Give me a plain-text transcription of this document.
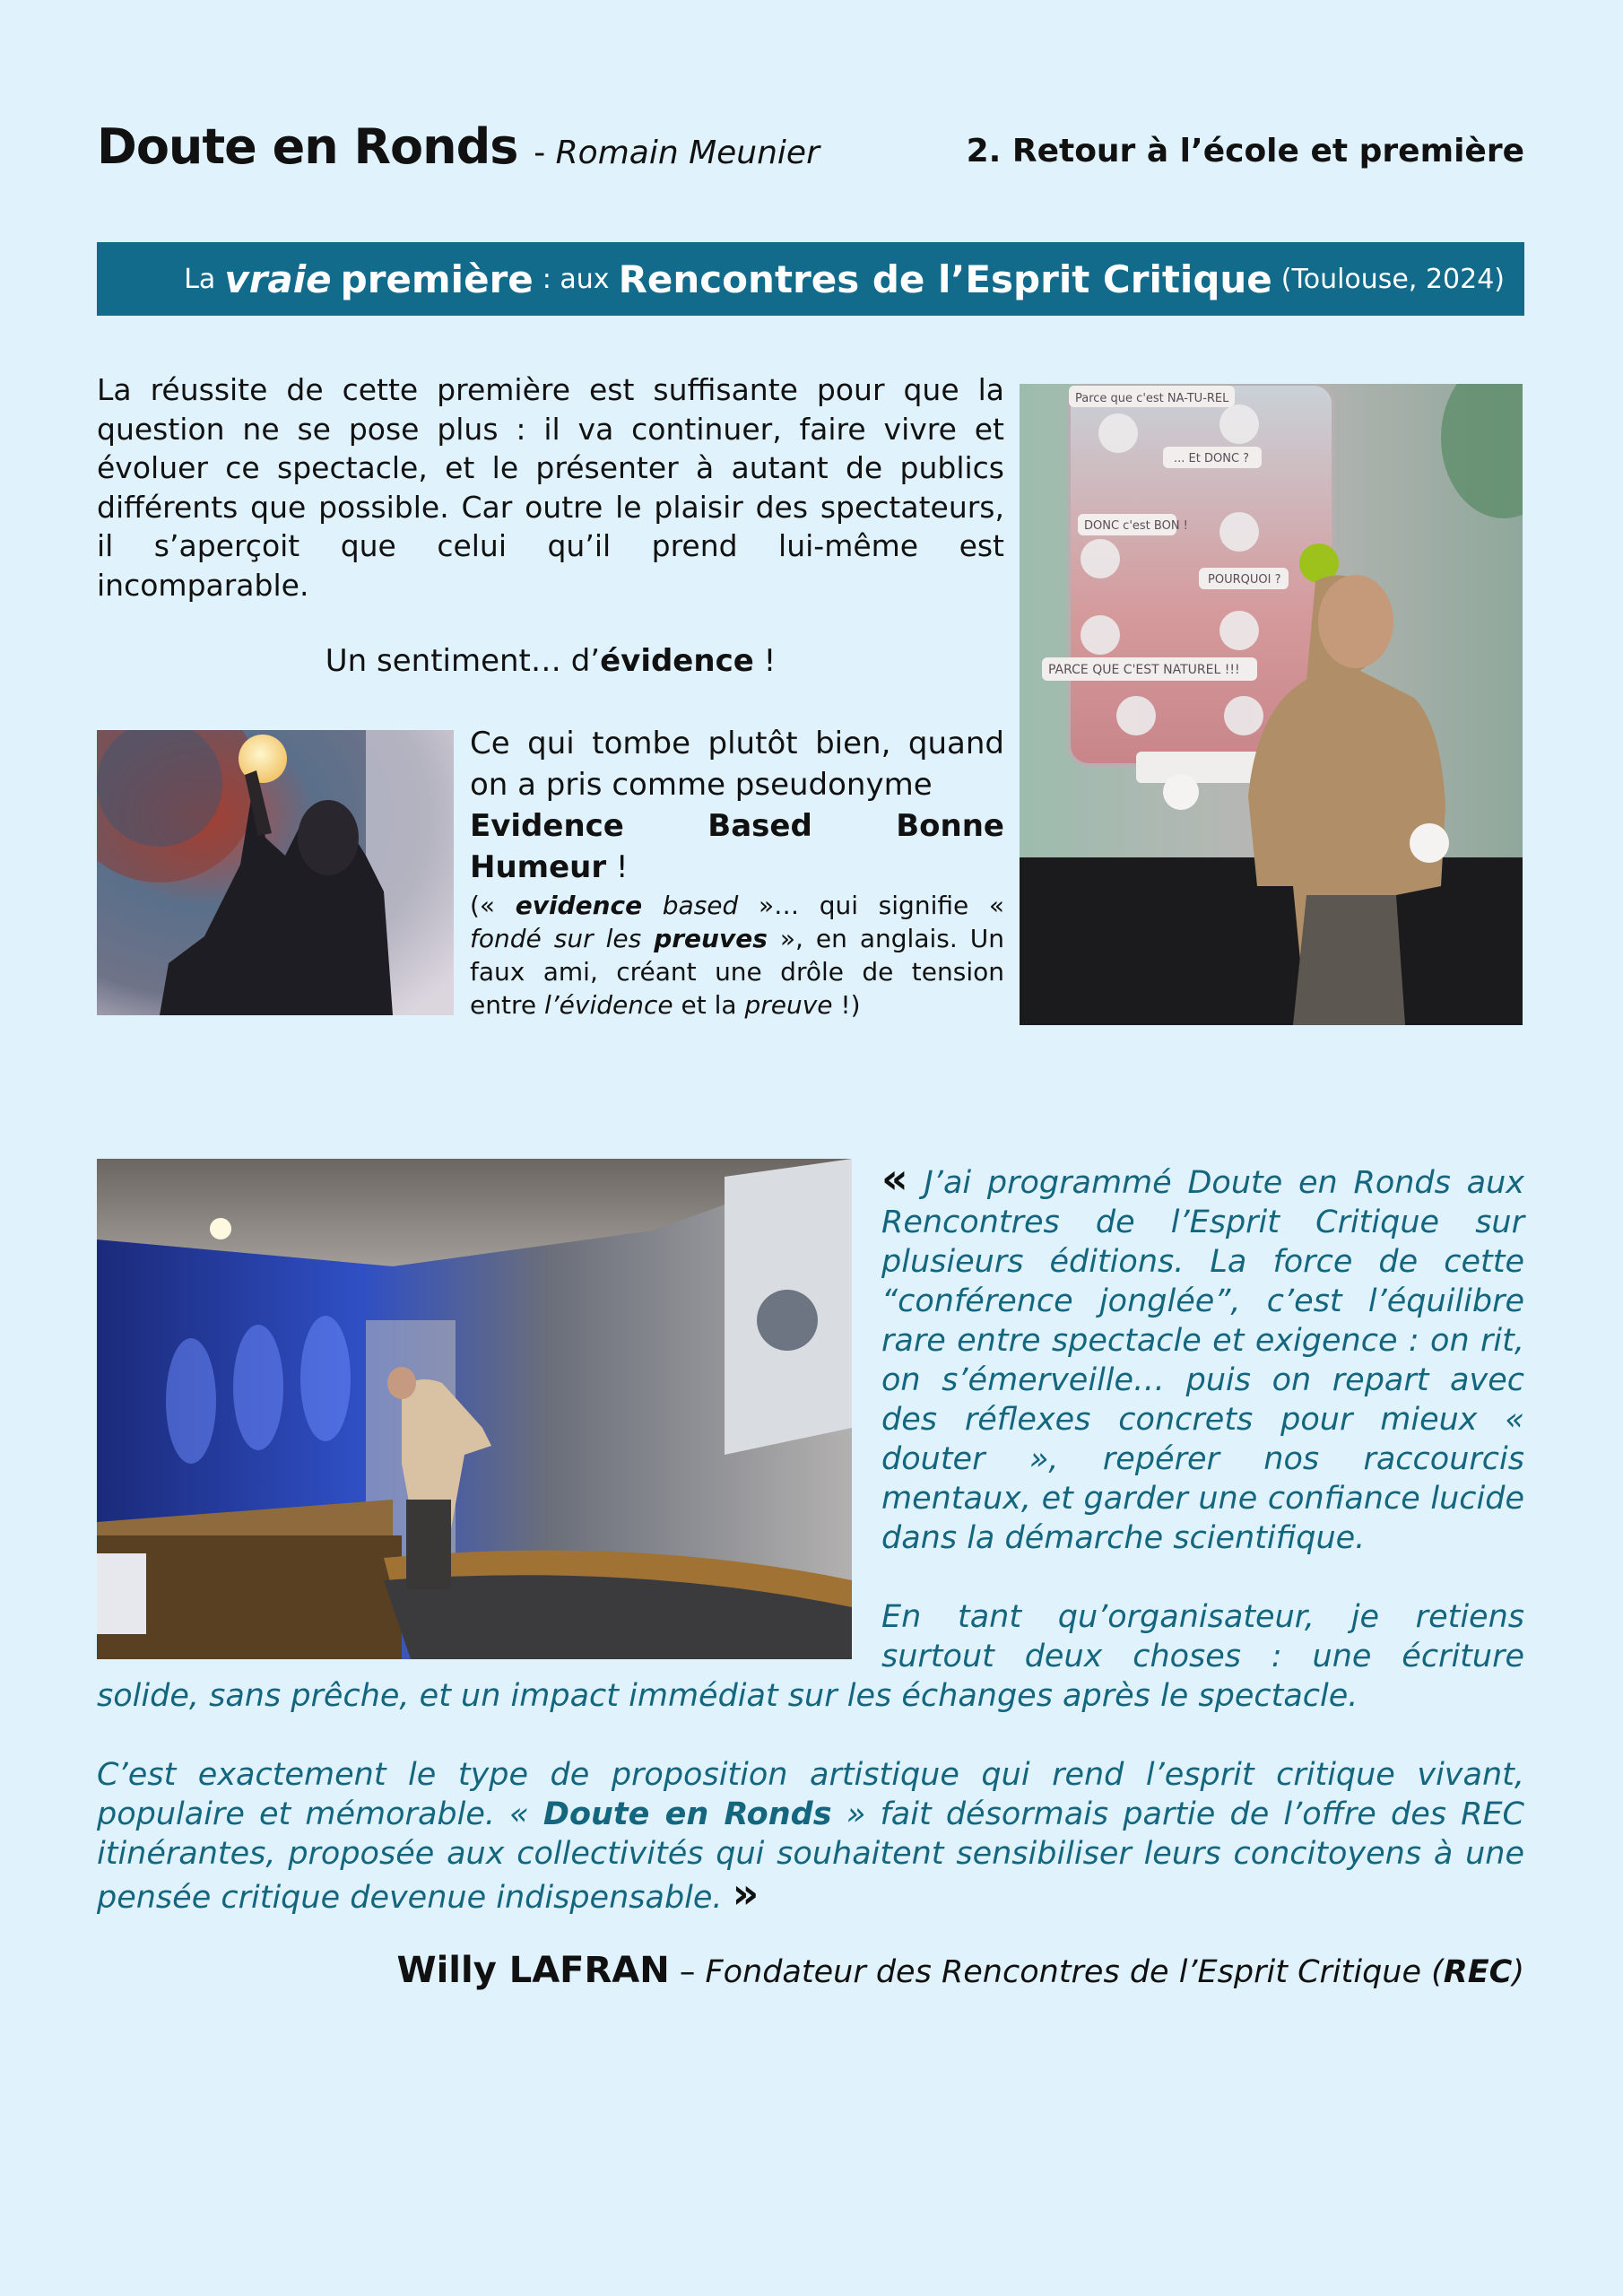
Doute en Ronds - Romain Meunier	2. Retour à l’école et première
La vraie première : aux Rencontres de l’Esprit Critique (Toulouse, 2024)
La réussite de cette première est suffisante pour que la question ne se pose plus : il va continuer, faire vivre et évoluer ce spectacle, et le présenter à autant de publics différents que possible. Car outre le plaisir des spectateurs, il s’aperçoit que celui qu’il prend lui-même est incomparable.
Un sentiment… d’évidence !
Ce qui tombe plutôt bien, quand on a pris comme pseudonyme
Evidence Based Bonne Humeur !
(« evidence based »… qui signifie « fondé sur les preuves », en anglais. Un faux ami, créant une drôle de tension entre l’évidence et la preuve !)
Parce que c'est NA-TU-REL
... Et DONC ?
DONC c'est BON !
POURQUOI ?
PARCE QUE C'EST NATUREL !!!

« J’ai programmé Doute en Ronds aux Rencontres de l’Esprit Critique sur plusieurs éditions. La force de cette “conférence jonglée”, c’est l’équilibre rare entre spectacle et exigence : on rit, on s’émerveille… puis on repart avec des réflexes concrets pour mieux « douter », repérer nos raccourcis mentaux, et garder une confiance lucide dans la démarche scientifique.

En tant qu’organisateur, je retiens surtout deux choses : une écriture solide, sans prêche, et un impact immédiat sur les échanges après le spectacle.

C’est exactement le type de proposition artistique qui rend l’esprit critique vivant, populaire et mémorable. « Doute en Ronds » fait désormais partie de l’offre des REC itinérantes, proposée aux collectivités qui souhaitent sensibiliser leurs concitoyens à une pensée critique devenue indispensable. »

Willy LAFRAN – Fondateur des Rencontres de l’Esprit Critique (REC)
